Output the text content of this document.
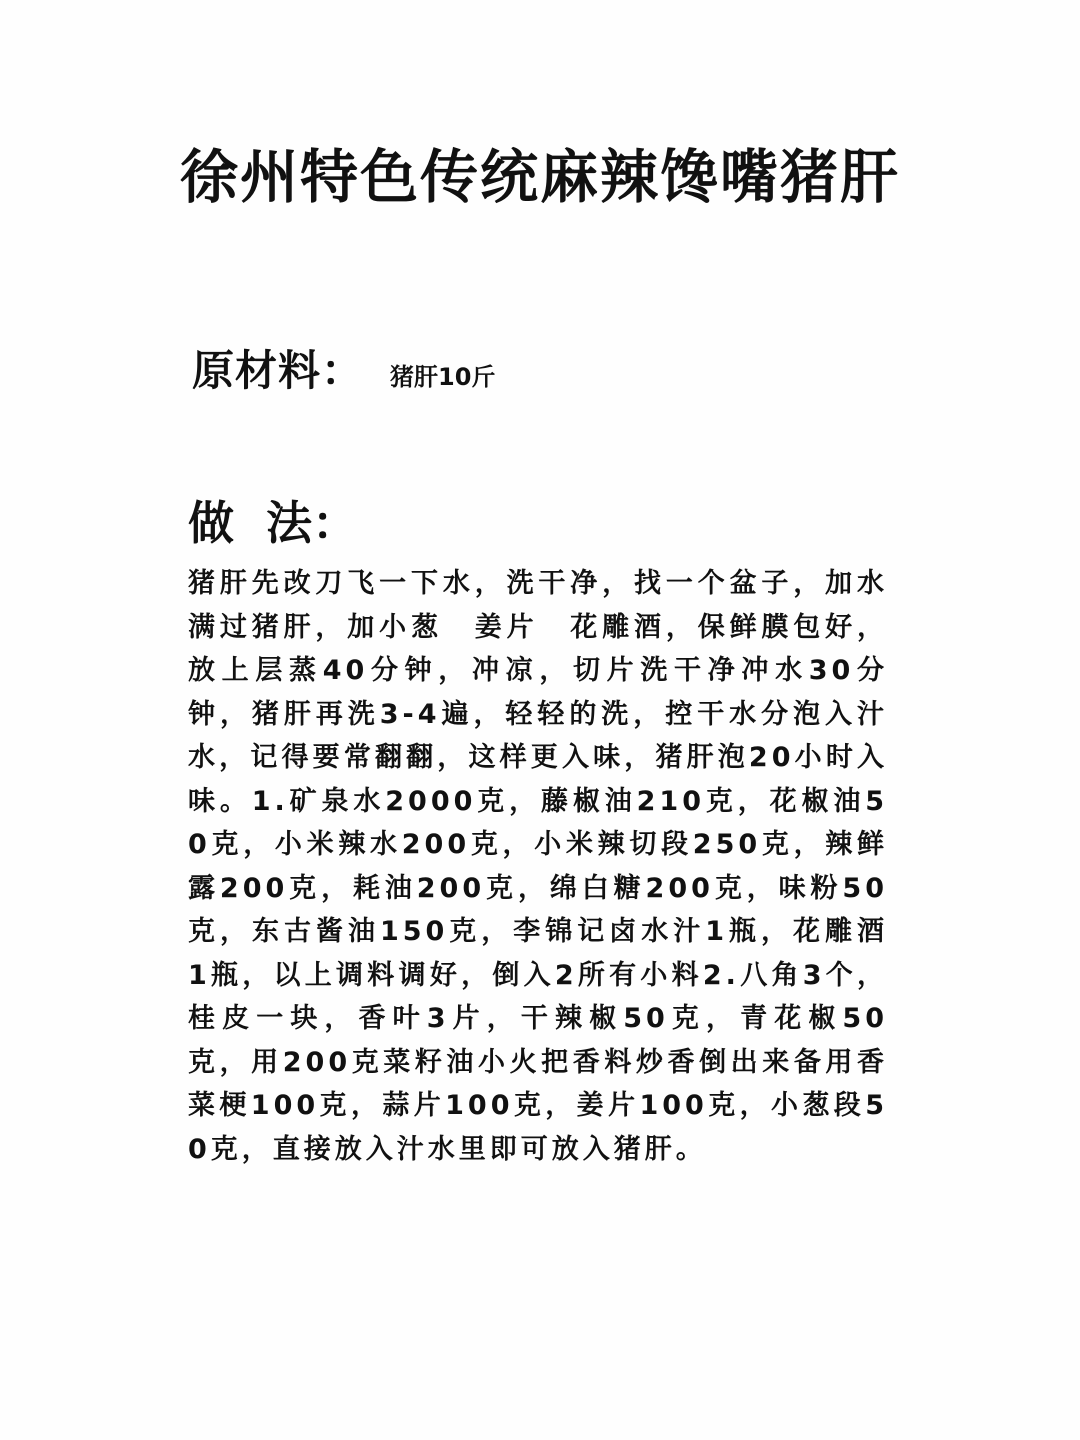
徐州特色传统麻辣馋嘴猪肝
原材料： 猪肝10斤
做  法：
猪肝先改刀飞一下水，洗干净，找一个盆子，加水满过猪肝，加小葱　姜片　花雕酒，保鲜膜包好，放上层蒸40分钟，冲凉，切片洗干净冲水30分钟，猪肝再洗3-4遍，轻轻的洗，控干水分泡入汁水，记得要常翻翻，这样更入味，猪肝泡20小时入味。1.矿泉水2000克，藤椒油210克，花椒油50克，小米辣水200克，小米辣切段250克，辣鲜露200克，耗油200克，绵白糖200克，味粉50克，东古酱油150克，李锦记卤水汁1瓶，花雕酒1瓶，以上调料调好，倒入2所有小料2.八角3个，桂皮一块，香叶3片，干辣椒50克，青花椒50克，用200克菜籽油小火把香料炒香倒出来备用香菜梗100克，蒜片100克，姜片100克，小葱段50克，直接放入汁水里即可放入猪肝。
